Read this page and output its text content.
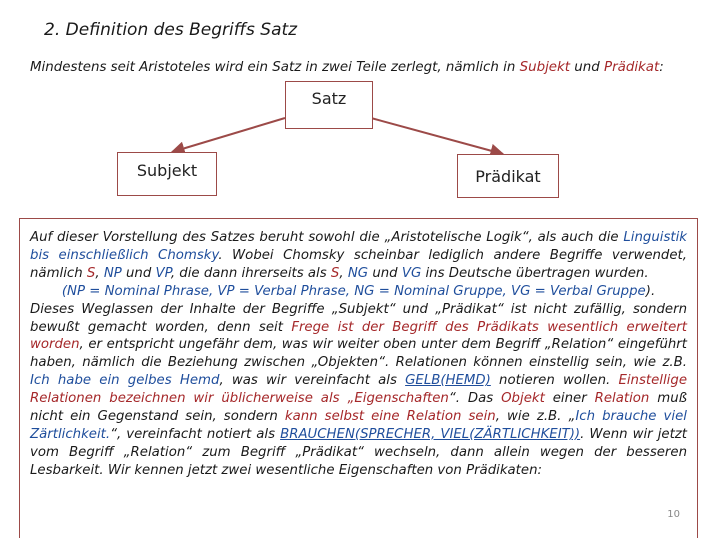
2. Definition des Begriffs Satz
Mindestens seit Aristoteles wird ein Satz in zwei Teile zerlegt, nämlich in Subjekt und Prädikat:
Satz
Subjekt	Prädikat

Auf dieser Vorstellung des Satzes beruht sowohl die „Aristotelische Logik“, als auch die Linguistik bis einschließlich Chomsky. Wobei Chomsky scheinbar lediglich andere Begriffe verwendet, nämlich S, NP und VP, die dann ihrerseits als S, NG und VG ins Deutsche übertragen wurden.
(NP = Nominal Phrase, VP = Verbal Phrase, NG = Nominal Gruppe, VG = Verbal Gruppe).
Dieses Weglassen der Inhalte der Begriffe „Subjekt“ und „Prädikat“ ist nicht zufällig, sondern bewußt gemacht worden, denn seit Frege ist der Begriff des Prädikats wesentlich erweitert worden, er entspricht ungefähr dem, was wir weiter oben unter dem Begriff „Relation“ eingeführt haben, nämlich die Beziehung zwischen „Objekten“. Relationen können einstellig sein, wie z.B. Ich habe ein gelbes Hemd, was wir vereinfacht als GELB(HEMD) notieren wollen. Einstellige Relationen bezeichnen wir üblicherweise als „Eigenschaften“. Das Objekt einer Relation muß nicht ein Gegenstand sein, sondern kann selbst eine Relation sein, wie z.B. „Ich brauche viel Zärtlichkeit.“, vereinfacht notiert als BRAUCHEN(SPRECHER, VIEL(ZÄRTLICHKEIT)). Wenn wir jetzt vom Begriff „Relation“ zum Begriff „Prädikat“ wechseln, dann allein wegen der besseren Lesbarkeit. Wir kennen jetzt zwei wesentliche Eigenschaften von Prädikaten:

10
